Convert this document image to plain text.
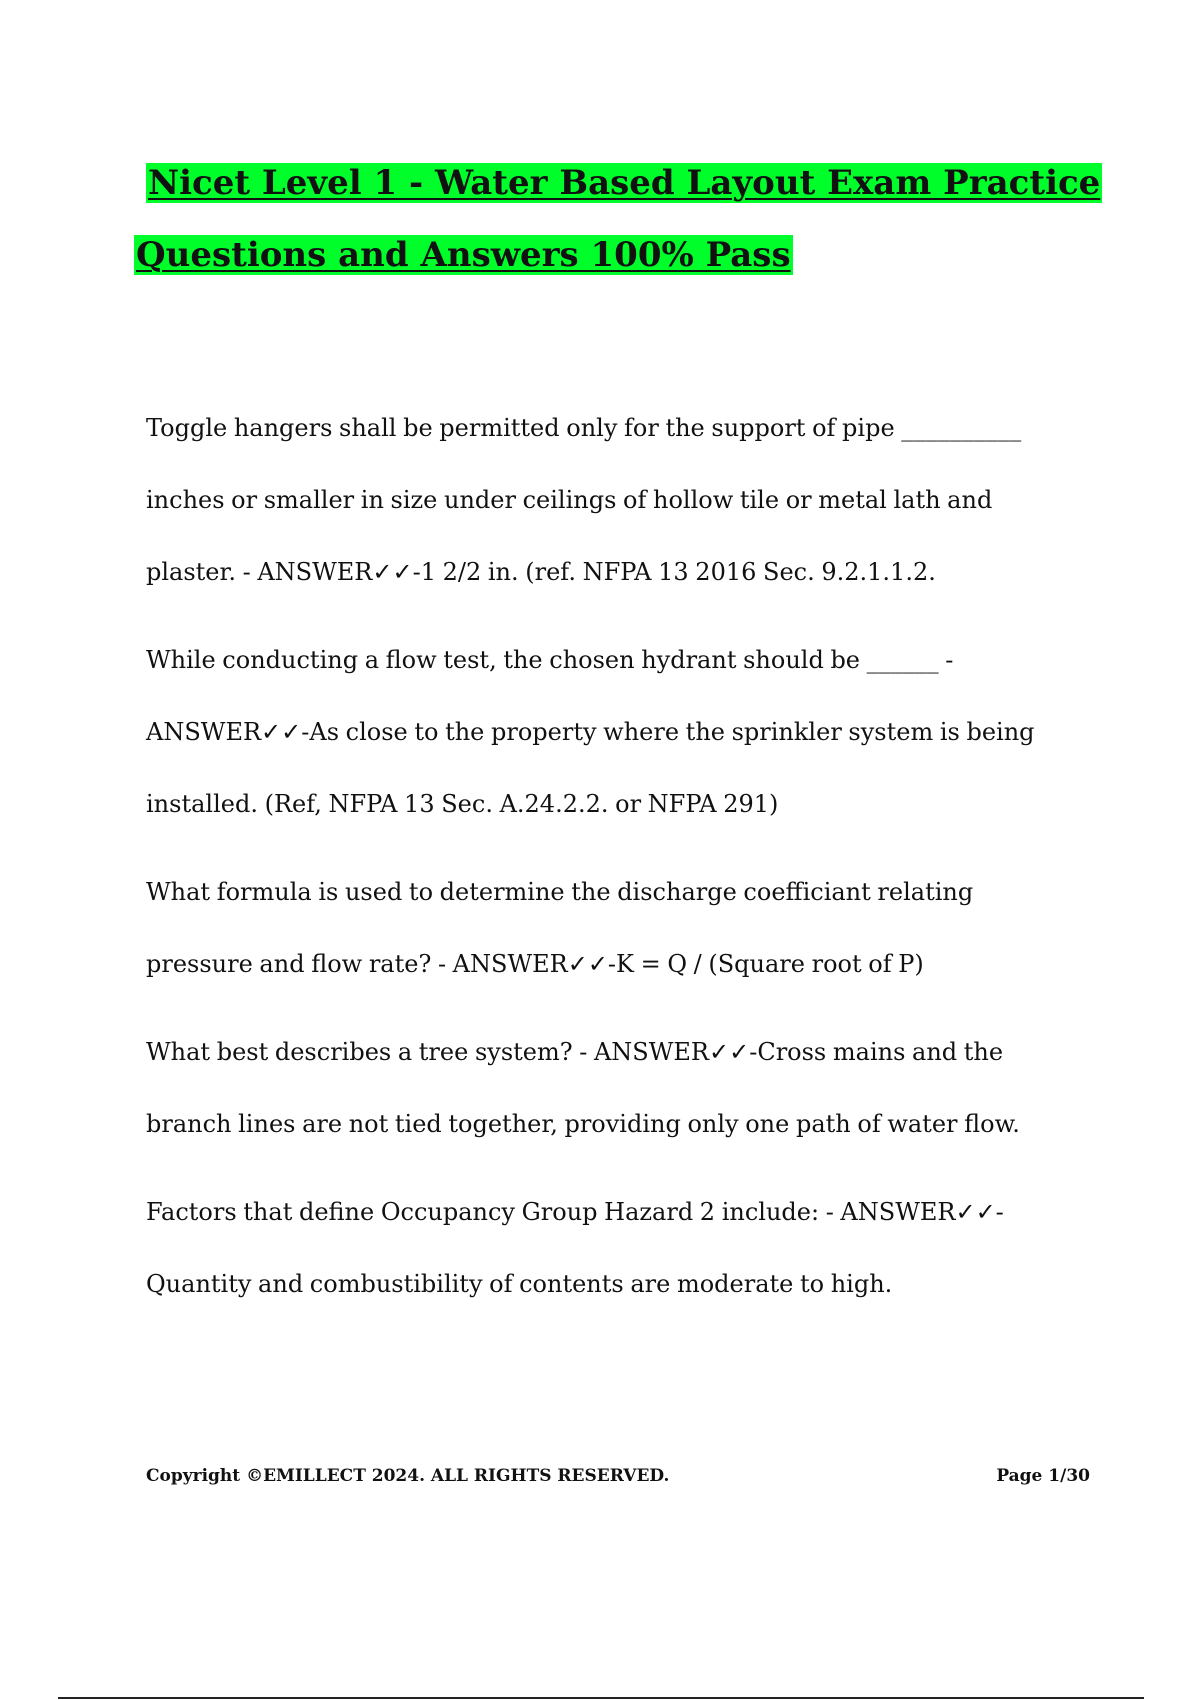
Nicet Level 1 - Water Based Layout Exam Practice
Questions and Answers 100% Pass

Toggle hangers shall be permitted only for the support of pipe __________ inches or smaller in size under ceilings of hollow tile or metal lath and plaster. - ANSWER✓✓-1 2/2 in. (ref. NFPA 13 2016 Sec. 9.2.1.1.2.

While conducting a flow test, the chosen hydrant should be ______ - ANSWER✓✓-As close to the property where the sprinkler system is being installed. (Ref, NFPA 13 Sec. A.24.2.2. or NFPA 291)

What formula is used to determine the discharge coefficiant relating pressure and flow rate? - ANSWER✓✓-K = Q / (Square root of P)

What best describes a tree system? - ANSWER✓✓-Cross mains and the branch lines are not tied together, providing only one path of water flow.

Factors that define Occupancy Group Hazard 2 include: - ANSWER✓✓- Quantity and combustibility of contents are moderate to high.

Copyright ©EMILLECT 2024. ALL RIGHTS RESERVED.	Page 1/30
